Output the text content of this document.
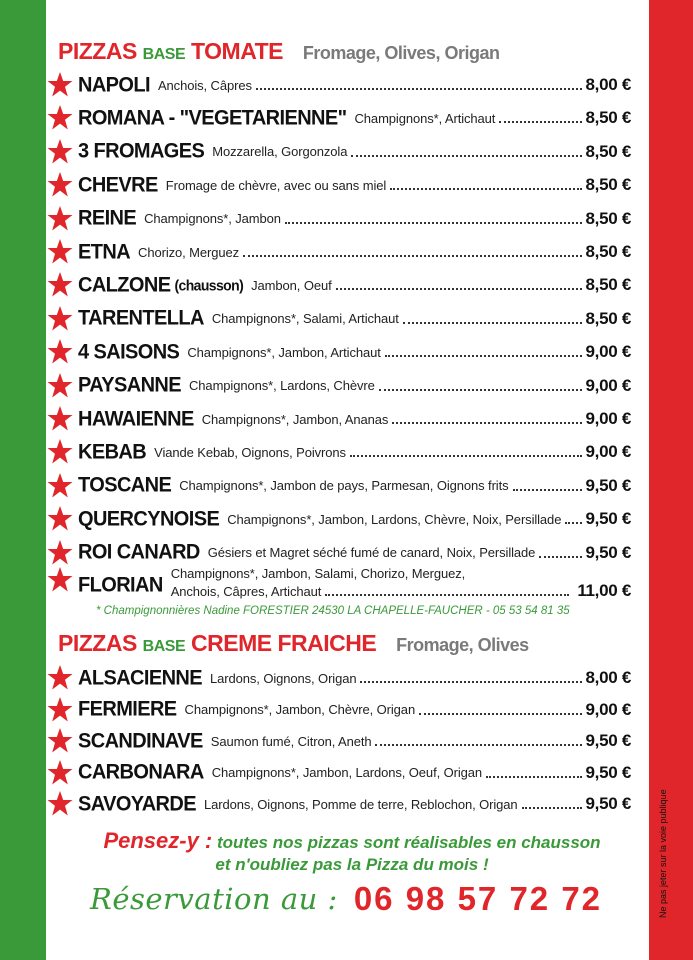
PIZZAS BASE TOMATE Fromage, Olives, Origan
NAPOLI Anchois, Câpres	8,00 €
ROMANA - "VEGETARIENNE" Champignons*, Artichaut	8,50 €
3 FROMAGES Mozzarella, Gorgonzola	8,50 €
CHEVRE Fromage de chèvre, avec ou sans miel	8,50 €
REINE Champignons*, Jambon	8,50 €
ETNA Chorizo, Merguez	8,50 €
CALZONE (chausson) Jambon, Oeuf	8,50 €
TARENTELLA Champignons*, Salami, Artichaut	8,50 €
4 SAISONS Champignons*, Jambon, Artichaut	9,00 €
PAYSANNE Champignons*, Lardons, Chèvre	9,00 €
HAWAIENNE Champignons*, Jambon, Ananas	9,00 €
KEBAB Viande Kebab, Oignons, Poivrons	9,00 €
TOSCANE Champignons*, Jambon de pays, Parmesan, Oignons frits	9,50 €
QUERCYNOISE Champignons*, Jambon, Lardons, Chèvre, Noix, Persillade 9,50 €
ROI CANARD Gésiers et Magret séché fumé de canard, Noix, Persillade	9,50 €
FLORIAN Champignons*, Jambon, Salami, Chorizo, Merguez,
Anchois, Câpres, Artichaut	11,00 €
* Champignonnières Nadine FORESTIER 24530 LA CHAPELLE-FAUCHER - 05 53 54 81 35
PIZZAS BASE CREME FRAICHE Fromage, Olives
ALSACIENNE Lardons, Oignons, Origan	8,00 €
FERMIERE Champignons*, Jambon, Chèvre, Origan	9,00 €
SCANDINAVE Saumon fumé, Citron, Aneth	9,50 €
CARBONARA Champignons*, Jambon, Lardons, Oeuf, Origan	9,50 €
SAVOYARDE Lardons, Oignons, Pomme de terre, Reblochon, Origan	9,50 €
Pensez-y : toutes nos pizzas sont réalisables en chausson
et n'oubliez pas la Pizza du mois !
Réservation au : 06 98 57 72 72	Ne pas jeter sur la voie publique
